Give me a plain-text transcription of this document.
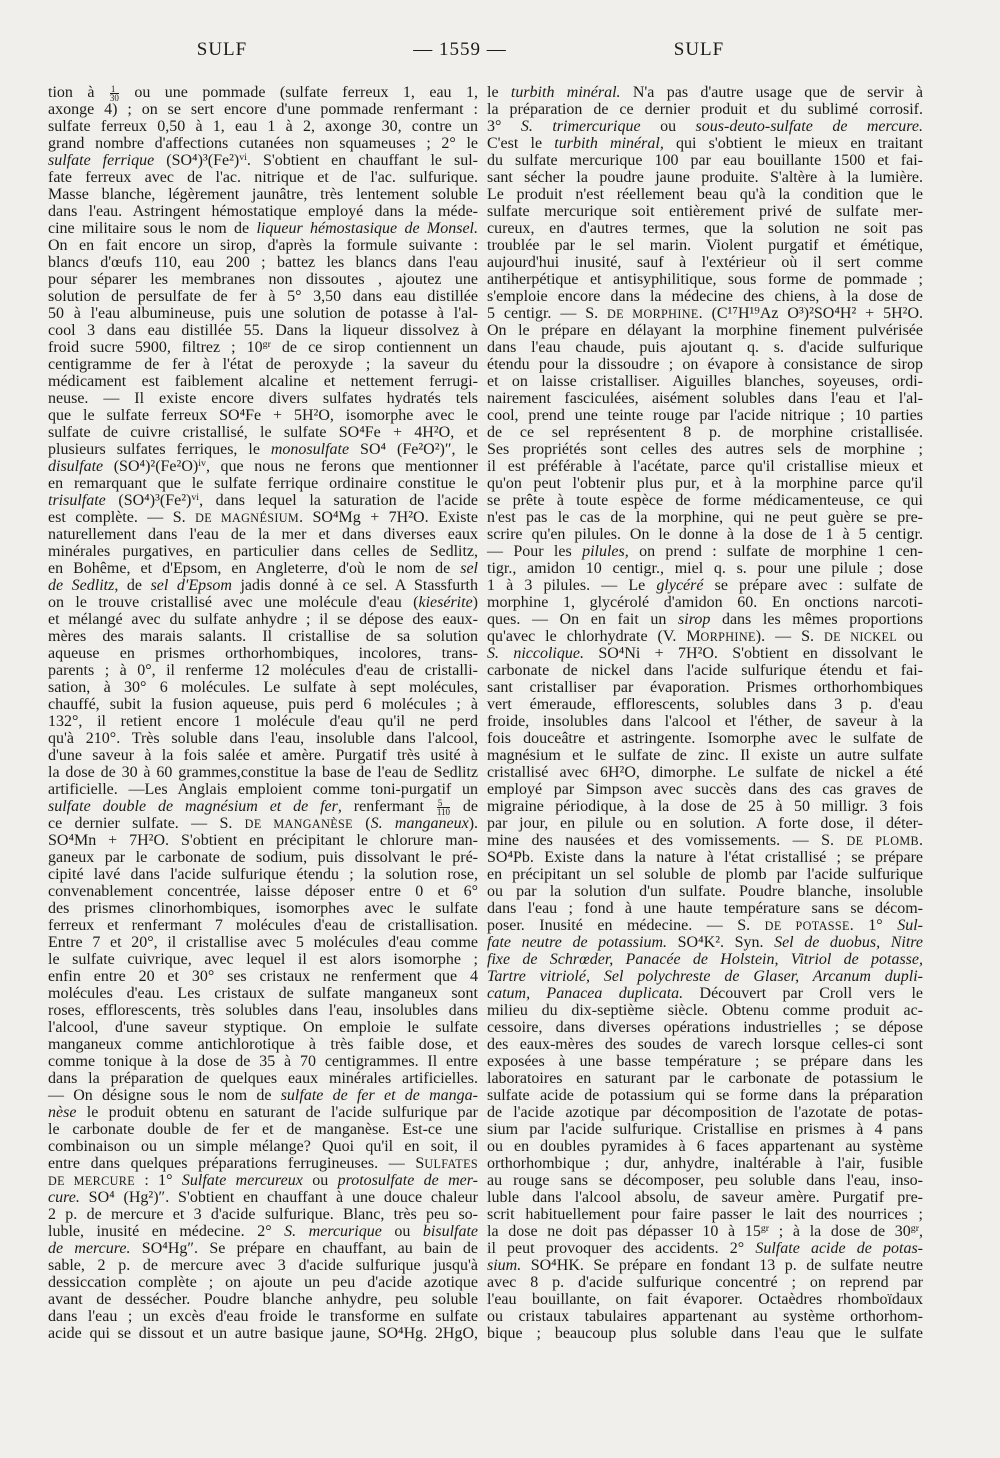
SULF	— 1559 —	SULF
tion à $\frac{1}{30}$ ou une pommade (sulfate ferreux 1, eau 1,
axonge 4) ; on se sert encore d'une pommade renfermant :
sulfate ferreux 0,50 à 1, eau 1 à 2, axonge 30, contre un
grand nombre d'affections cutanées non squameuses ; 2° le
sulfate ferrique $(SO^4)^3(Fe^2)^{vi}$. S'obtient en chauffant le sul-
fate ferreux avec de l'ac. nitrique et de l'ac. sulfurique.
Masse blanche, légèrement jaunâtre, très lentement soluble
dans l'eau. Astringent hémostatique employé dans la méde-
cine militaire sous le nom de liqueur hémostasique de Monsel.
On en fait encore un sirop, d'après la formule suivante :
blancs d'œufs 110, eau 200 ; battez les blancs dans l'eau
pour séparer les membranes non dissoutes , ajoutez une
solution de persulfate de fer à 5° 3,50 dans eau distillée
50 à l'eau albumineuse, puis une solution de potasse à l'al-
cool 3 dans eau distillée 55. Dans la liqueur dissolvez à
froid sucre 5900, filtrez ; $10^{gr}$ de ce sirop contiennent un
centigramme de fer à l'état de peroxyde ; la saveur du
médicament est faiblement alcaline et nettement ferrugi-
neuse. — Il existe encore divers sulfates hydratés tels
que le sulfate ferreux SO⁴Fe + 5H²O, isomorphe avec le
sulfate de cuivre cristallisé, le sulfate SO⁴Fe + 4H²O, et
plusieurs sulfates ferriques, le monosulfate SO⁴ (Fe²O²)″, le
disulfate $(SO^4)^2(Fe^2O)^{iv}$, que nous ne ferons que mentionner
en remarquant que le sulfate ferrique ordinaire constitue le
trisulfate $(SO^4)^3(Fe^2)^{vi}$, dans lequel la saturation de l'acide
est complète. — S. DE MAGNÉSIUM. SO⁴Mg + 7H²O. Existe
naturellement dans l'eau de la mer et dans diverses eaux
minérales purgatives, en particulier dans celles de Sedlitz,
en Bohême, et d'Epsom, en Angleterre, d'où le nom de sel
de Sedlitz, de sel d'Epsom jadis donné à ce sel. A Stassfurth
on le trouve cristallisé avec une molécule d'eau (kiesérite)
et mélangé avec du sulfate anhydre ; il se dépose des eaux-
mères des marais salants. Il cristallise de sa solution
aqueuse en prismes orthorhombiques, incolores, trans-
parents ; à 0°, il renferme 12 molécules d'eau de cristalli-
sation, à 30° 6 molécules. Le sulfate à sept molécules,
chauffé, subit la fusion aqueuse, puis perd 6 molécules ; à
132°, il retient encore 1 molécule d'eau qu'il ne perd
qu'à 210°. Très soluble dans l'eau, insoluble dans l'alcool,
d'une saveur à la fois salée et amère. Purgatif très usité à
la dose de 30 à 60 grammes,constitue la base de l'eau de Sedlitz
artificielle. —Les Anglais emploient comme toni-purgatif un
sulfate double de magnésium et de fer, renfermant $\frac{5}{110}$ de
ce dernier sulfate. — S. DE MANGANÈSE (S. manganeux).
SO⁴Mn + 7H²O. S'obtient en précipitant le chlorure man-
ganeux par le carbonate de sodium, puis dissolvant le pré-
cipité lavé dans l'acide sulfurique étendu ; la solution rose,
convenablement concentrée, laisse déposer entre 0 et 6°
des prismes clinorhombiques, isomorphes avec le sulfate
ferreux et renfermant 7 molécules d'eau de cristallisation.
Entre 7 et 20°, il cristallise avec 5 molécules d'eau comme
le sulfate cuivrique, avec lequel il est alors isomorphe ;
enfin entre 20 et 30° ses cristaux ne renferment que 4
molécules d'eau. Les cristaux de sulfate manganeux sont
roses, efflorescents, très solubles dans l'eau, insolubles dans
l'alcool, d'une saveur styptique. On emploie le sulfate
manganeux comme antichlorotique à très faible dose, et
comme tonique à la dose de 35 à 70 centigrammes. Il entre
dans la préparation de quelques eaux minérales artificielles.
— On désigne sous le nom de sulfate de fer et de manga-
nèse le produit obtenu en saturant de l'acide sulfurique par
le carbonate double de fer et de manganèse. Est-ce une
combinaison ou un simple mélange? Quoi qu'il en soit, il
entre dans quelques préparations ferrugineuses. — SULFATES
DE MERCURE : 1° Sulfate mercureux ou protosulfate de mer-
cure. SO⁴ (Hg²)″. S'obtient en chauffant à une douce chaleur
2 p. de mercure et 3 d'acide sulfurique. Blanc, très peu so-
luble, inusité en médecine. 2° S. mercurique ou bisulfate
de mercure. SO⁴Hg″. Se prépare en chauffant, au bain de
sable, 2 p. de mercure avec 3 d'acide sulfurique jusqu'à
dessiccation complète ; on ajoute un peu d'acide azotique
avant de dessécher. Poudre blanche anhydre, peu soluble
dans l'eau ; un excès d'eau froide le transforme en sulfate
acide qui se dissout et un autre basique jaune, SO⁴Hg. 2HgO,
le turbith minéral. N'a pas d'autre usage que de servir à
la préparation de ce dernier produit et du sublimé corrosif.
3° S. trimercurique ou sous-deuto-sulfate de mercure.
C'est le turbith minéral, qui s'obtient le mieux en traitant
du sulfate mercurique 100 par eau bouillante 1500 et fai-
sant sécher la poudre jaune produite. S'altère à la lumière.
Le produit n'est réellement beau qu'à la condition que le
sulfate mercurique soit entièrement privé de sulfate mer-
cureux, en d'autres termes, que la solution ne soit pas
troublée par le sel marin. Violent purgatif et émétique,
aujourd'hui inusité, sauf à l'extérieur où il sert comme
antiherpétique et antisyphilitique, sous forme de pommade ;
s'emploie encore dans la médecine des chiens, à la dose de
5 centigr. — S. DE MORPHINE. (C¹⁷H¹⁹Az O³)²SO⁴H² + 5H²O.
On le prépare en délayant la morphine finement pulvérisée
dans l'eau chaude, puis ajoutant q. s. d'acide sulfurique
étendu pour la dissoudre ; on évapore à consistance de sirop
et on laisse cristalliser. Aiguilles blanches, soyeuses, ordi-
nairement fasciculées, aisément solubles dans l'eau et l'al-
cool, prend une teinte rouge par l'acide nitrique ; 10 parties
de ce sel représentent 8 p. de morphine cristallisée.
Ses propriétés sont celles des autres sels de morphine ;
il est préférable à l'acétate, parce qu'il cristallise mieux et
qu'on peut l'obtenir plus pur, et à la morphine parce qu'il
se prête à toute espèce de forme médicamenteuse, ce qui
n'est pas le cas de la morphine, qui ne peut guère se pre-
scrire qu'en pilules. On le donne à la dose de 1 à 5 centigr.
— Pour les pilules, on prend : sulfate de morphine 1 cen-
tigr., amidon 10 centigr., miel q. s. pour une pilule ; dose
1 à 3 pilules. — Le glycéré se prépare avec : sulfate de
morphine 1, glycérolé d'amidon 60. En onctions narcoti-
ques. — On en fait un sirop dans les mêmes proportions
qu'avec le chlorhydrate (V. MORPHINE). — S. DE NICKEL ou
S. niccolique. SO⁴Ni + 7H²O. S'obtient en dissolvant le
carbonate de nickel dans l'acide sulfurique étendu et fai-
sant cristalliser par évaporation. Prismes orthorhombiques
vert émeraude, efflorescents, solubles dans 3 p. d'eau
froide, insolubles dans l'alcool et l'éther, de saveur à la
fois douceâtre et astringente. Isomorphe avec le sulfate de
magnésium et le sulfate de zinc. Il existe un autre sulfate
cristallisé avec 6H²O, dimorphe. Le sulfate de nickel a été
employé par Simpson avec succès dans des cas graves de
migraine périodique, à la dose de 25 à 50 milligr. 3 fois
par jour, en pilule ou en solution. A forte dose, il déter-
mine des nausées et des vomissements. — S. DE PLOMB.
SO⁴Pb. Existe dans la nature à l'état cristallisé ; se prépare
en précipitant un sel soluble de plomb par l'acide sulfurique
ou par la solution d'un sulfate. Poudre blanche, insoluble
dans l'eau ; fond à une haute température sans se décom-
poser. Inusité en médecine. — S. DE POTASSE. 1° Sul-
fate neutre de potassium. SO⁴K². Syn. Sel de duobus, Nitre
fixe de Schrœder, Panacée de Holstein, Vitriol de potasse,
Tartre vitriolé, Sel polychreste de Glaser, Arcanum dupli-
catum, Panacea duplicata. Découvert par Croll vers le
milieu du dix-septième siècle. Obtenu comme produit ac-
cessoire, dans diverses opérations industrielles ; se dépose
des eaux-mères des soudes de varech lorsque celles-ci sont
exposées à une basse température ; se prépare dans les
laboratoires en saturant par le carbonate de potassium le
sulfate acide de potassium qui se forme dans la préparation
de l'acide azotique par décomposition de l'azotate de potas-
sium par l'acide sulfurique. Cristallise en prismes à 4 pans
ou en doubles pyramides à 6 faces appartenant au système
orthorhombique ; dur, anhydre, inaltérable à l'air, fusible
au rouge sans se décomposer, peu soluble dans l'eau, inso-
luble dans l'alcool absolu, de saveur amère. Purgatif pre-
scrit habituellement pour faire passer le lait des nourrices ;
la dose ne doit pas dépasser 10 à $15^{gr}$ ; à la dose de $30^{gr}$,
il peut provoquer des accidents. 2° Sulfate acide de potas-
sium. SO⁴HK. Se prépare en fondant 13 p. de sulfate neutre
avec 8 p. d'acide sulfurique concentré ; on reprend par
l'eau bouillante, on fait évaporer. Octaèdres rhomboïdaux
ou cristaux tabulaires appartenant au système orthorhom-
bique ; beaucoup plus soluble dans l'eau que le sulfate
